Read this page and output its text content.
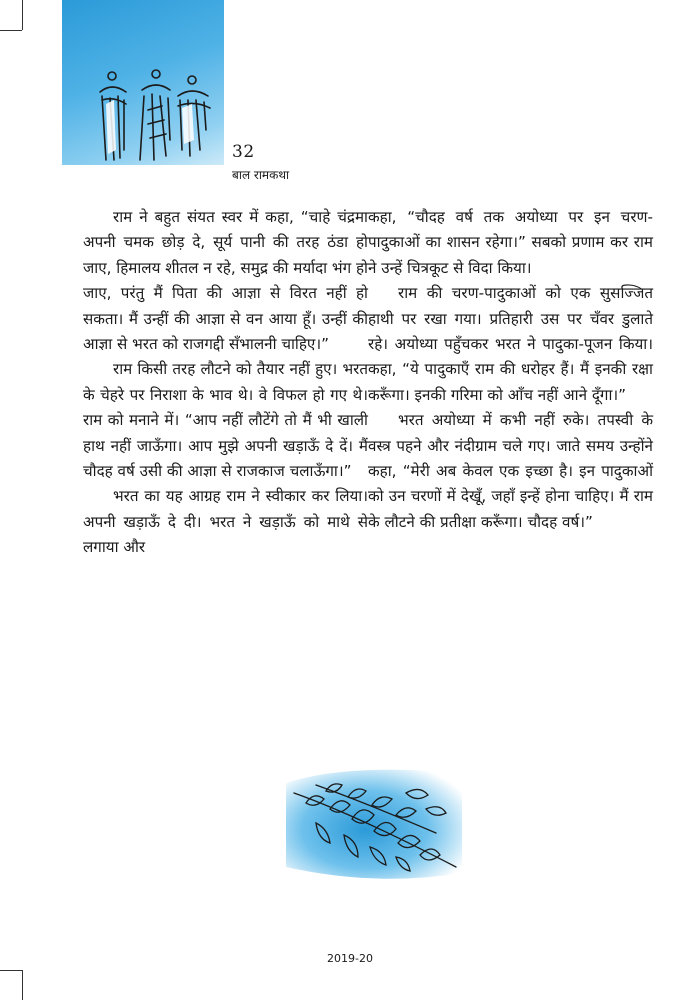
32
बाल रामकथा

राम ने बहुत संयत स्वर में कहा, “चाहे चंद्रमा अपनी चमक छोड़ दे, सूर्य पानी की तरह ठंडा हो जाए, हिमालय शीतल न रहे, समुद्र की मर्यादा भंग हो जाए, परंतु मैं पिता की आज्ञा से विरत नहीं हो सकता। मैं उन्हीं की आज्ञा से वन आया हूँ। उन्हीं की आज्ञा से भरत को राजगद्दी सँभालनी चाहिए।”

राम किसी तरह लौटने को तैयार नहीं हुए। भरत के चेहरे पर निराशा के भाव थे। वे विफल हो गए थे। राम को मनाने में। “आप नहीं लौटेंगे तो मैं भी खाली हाथ नहीं जाऊँगा। आप मुझे अपनी खड़ाऊँ दे दें। मैं चौदह वर्ष उसी की आज्ञा से राजकाज चलाऊँगा।”

भरत का यह आग्रह राम ने स्वीकार कर लिया। अपनी खड़ाऊँ दे दी। भरत ने खड़ाऊँ को माथे से लगाया और

कहा, “चौदह वर्ष तक अयोध्या पर इन चरण-पादुकाओं का शासन रहेगा।” सबको प्रणाम कर राम ने उन्हें चित्रकूट से विदा किया।

राम की चरण-पादुकाओं को एक सुसज्जित हाथी पर रखा गया। प्रतिहारी उस पर चँवर डुलाते रहे। अयोध्या पहुँचकर भरत ने पादुका-पूजन किया। कहा, “ये पादुकाएँ राम की धरोहर हैं। मैं इनकी रक्षा करूँगा। इनकी गरिमा को आँच नहीं आने दूँगा।”

भरत अयोध्या में कभी नहीं रुके। तपस्वी के वस्त्र पहने और नंदीग्राम चले गए। जाते समय उन्होंने कहा, “मेरी अब केवल एक इच्छा है। इन पादुकाओं को उन चरणों में देखूँ, जहाँ इन्हें होना चाहिए। मैं राम के लौटने की प्रतीक्षा करूँगा। चौदह वर्ष।”

2019-20
